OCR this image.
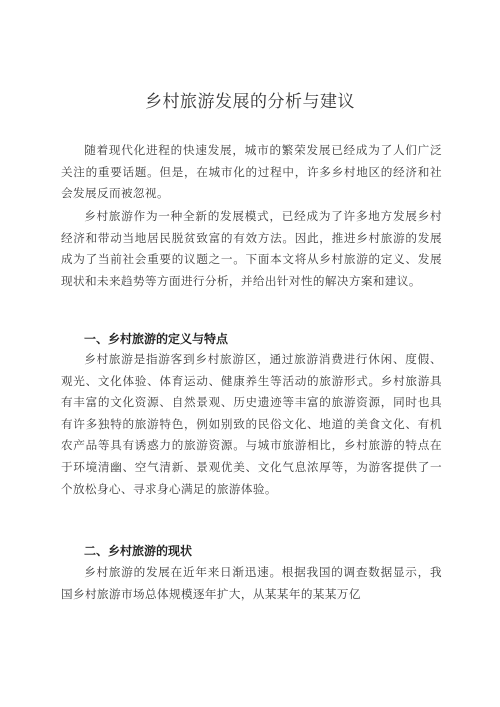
乡村旅游发展的分析与建议

随着现代化进程的快速发展，城市的繁荣发展已经成为了人们广泛关注的重要话题。但是，在城市化的过程中，许多乡村地区的经济和社会发展反而被忽视。

乡村旅游作为一种全新的发展模式，已经成为了许多地方发展乡村经济和带动当地居民脱贫致富的有效方法。因此，推进乡村旅游的发展成为了当前社会重要的议题之一。下面本文将从乡村旅游的定义、发展现状和未来趋势等方面进行分析，并给出针对性的解决方案和建议。

一、乡村旅游的定义与特点

乡村旅游是指游客到乡村旅游区，通过旅游消费进行休闲、度假、观光、文化体验、体育运动、健康养生等活动的旅游形式。乡村旅游具有丰富的文化资源、自然景观、历史遗迹等丰富的旅游资源，同时也具有许多独特的旅游特色，例如别致的民俗文化、地道的美食文化、有机农产品等具有诱惑力的旅游资源。与城市旅游相比，乡村旅游的特点在于环境清幽、空气清新、景观优美、文化气息浓厚等，为游客提供了一个放松身心、寻求身心满足的旅游体验。

二、乡村旅游的现状

乡村旅游的发展在近年来日渐迅速。根据我国的调查数据显示，我国乡村旅游市场总体规模逐年扩大，从某某年的某某万亿
